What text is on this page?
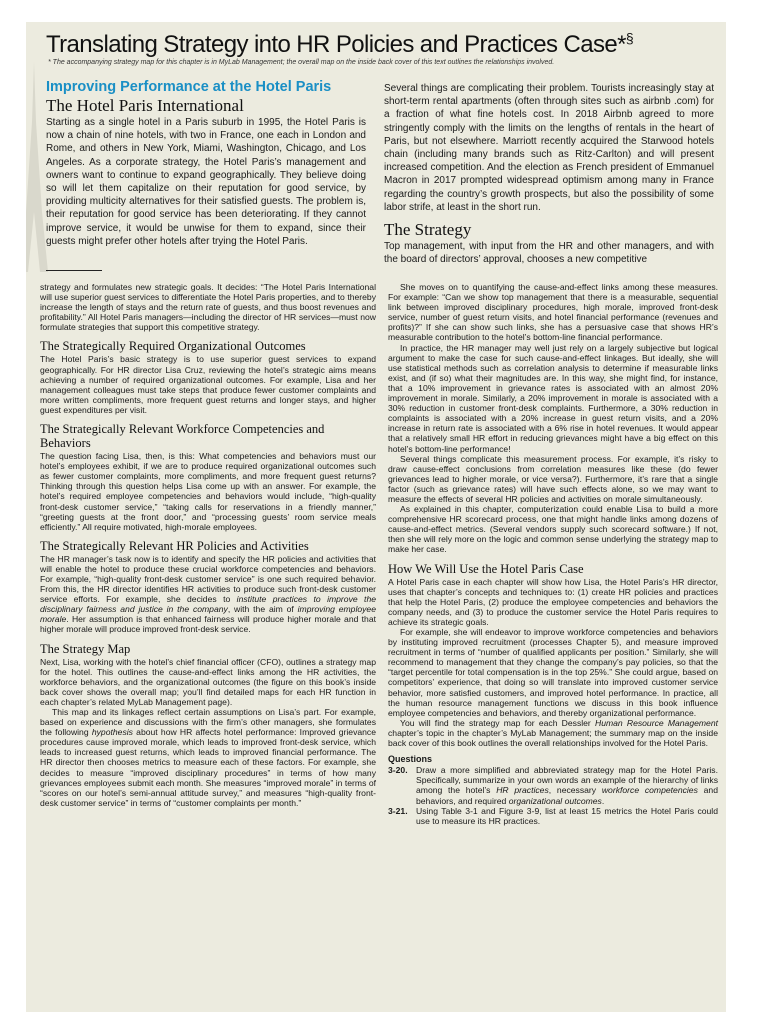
Translating Strategy into HR Policies and Practices Case*§
* The accompanying strategy map for this chapter is in MyLab Management; the overall map on the inside back cover of this text outlines the relationships involved.
Improving Performance at the Hotel Paris
The Hotel Paris International

Starting as a single hotel in a Paris suburb in 1995, the Hotel Paris is now a chain of nine hotels, with two in France, one each in London and Rome, and others in New York, Miami, Washington, Chicago, and Los Angeles. As a corporate strategy, the Hotel Paris’s management and owners want to continue to expand geographically. They believe doing so will let them capitalize on their reputation for good service, by providing multicity alternatives for their satisfied guests. The problem is, their reputation for good service has been deteriorating. If they cannot improve service, it would be unwise for them to expand, since their guests might prefer other hotels after trying the Hotel Paris.

Several things are complicating their problem. Tourists increasingly stay at short-term rental apartments (often through sites such as airbnb .com) for a fraction of what fine hotels cost. In 2018 Airbnb agreed to more stringently comply with the limits on the lengths of rentals in the heart of Paris, but not elsewhere. Marriott recently acquired the Starwood hotels chain (including many brands such as Ritz-Carlton) and will present increased competition. And the election as French president of Emmanuel Macron in 2017 prompted widespread optimism among many in France regarding the country’s growth prospects, but also the possibility of some labor strife, at least in the short run.

The Strategy

Top management, with input from the HR and other managers, and with the board of directors’ approval, chooses a new competitive

strategy and formulates new strategic goals. It decides: “The Hotel Paris International will use superior guest services to differentiate the Hotel Paris properties, and to thereby increase the length of stays and the return rate of guests, and thus boost revenues and profitability.” All Hotel Paris managers—including the director of HR services—must now formulate strategies that support this competitive strategy.

The Strategically Required Organizational Outcomes

The Hotel Paris’s basic strategy is to use superior guest services to expand geographically. For HR director Lisa Cruz, reviewing the hotel’s strategic aims means achieving a number of required organizational outcomes. For example, Lisa and her management colleagues must take steps that produce fewer customer complaints and more written compliments, more frequent guest returns and longer stays, and higher guest expenditures per visit.

The Strategically Relevant Workforce Competencies and Behaviors

The question facing Lisa, then, is this: What competencies and behaviors must our hotel’s employees exhibit, if we are to produce required organizational outcomes such as fewer customer complaints, more compliments, and more frequent guest returns? Thinking through this question helps Lisa come up with an answer. For example, the hotel’s required employee competencies and behaviors would include, “high-quality front-desk customer service,” “taking calls for reservations in a friendly manner,” “greeting guests at the front door,” and “processing guests’ room service meals efficiently.” All require motivated, high-morale employees.

The Strategically Relevant HR Policies and Activities

The HR manager’s task now is to identify and specify the HR policies and activities that will enable the hotel to produce these crucial workforce competencies and behaviors. For example, “high-quality front-desk customer service” is one such required behavior. From this, the HR director identifies HR activities to produce such front-desk customer service efforts. For example, she decides to institute practices to improve the disciplinary fairness and justice in the company, with the aim of improving employee morale. Her assumption is that enhanced fairness will produce higher morale and that higher morale will produce improved front-desk service.

The Strategy Map

Next, Lisa, working with the hotel’s chief financial officer (CFO), outlines a strategy map for the hotel. This outlines the cause-and-effect links among the HR activities, the workforce behaviors, and the organizational outcomes (the figure on this book’s inside back cover shows the overall map; you’ll find detailed maps for each HR function in each chapter’s related MyLab Management page).

This map and its linkages reflect certain assumptions on Lisa’s part. For example, based on experience and discussions with the firm’s other managers, she formulates the following hypothesis about how HR affects hotel performance: Improved grievance procedures cause improved morale, which leads to improved front-desk service, which leads to increased guest returns, which leads to improved financial performance. The HR director then chooses metrics to measure each of these factors. For example, she decides to measure “improved disciplinary procedures” in terms of how many grievances employees submit each month. She measures “improved morale” in terms of “scores on our hotel’s semi-annual attitude survey,” and measures “high-quality front-desk customer service” in terms of “customer complaints per month.”

She moves on to quantifying the cause-and-effect links among these measures. For example: “Can we show top management that there is a measurable, sequential link between improved disciplinary procedures, high morale, improved front-desk service, number of guest return visits, and hotel financial performance (revenues and profits)?” If she can show such links, she has a persuasive case that shows HR’s measurable contribution to the hotel’s bottom-line financial performance.

In practice, the HR manager may well just rely on a largely subjective but logical argument to make the case for such cause-and-effect linkages. But ideally, she will use statistical methods such as correlation analysis to determine if measurable links exist, and (if so) what their magnitudes are. In this way, she might find, for instance, that a 10% improvement in grievance rates is associated with an almost 20% improvement in morale. Similarly, a 20% improvement in morale is associated with a 30% reduction in customer front-desk complaints. Furthermore, a 30% reduction in complaints is associated with a 20% increase in guest return visits, and a 20% increase in return rate is associated with a 6% rise in hotel revenues. It would appear that a relatively small HR effort in reducing grievances might have a big effect on this hotel’s bottom-line performance!

Several things complicate this measurement process. For example, it’s risky to draw cause-effect conclusions from correlation measures like these (do fewer grievances lead to higher morale, or vice versa?). Furthermore, it’s rare that a single factor (such as grievance rates) will have such effects alone, so we may want to measure the effects of several HR policies and activities on morale simultaneously.

As explained in this chapter, computerization could enable Lisa to build a more comprehensive HR scorecard process, one that might handle links among dozens of cause-and-effect metrics. (Several vendors supply such scorecard software.) If not, then she will rely more on the logic and common sense underlying the strategy map to make her case.

How We Will Use the Hotel Paris Case

A Hotel Paris case in each chapter will show how Lisa, the Hotel Paris’s HR director, uses that chapter’s concepts and techniques to: (1) create HR policies and practices that help the Hotel Paris, (2) produce the employee competencies and behaviors the company needs, and (3) to produce the customer service the Hotel Paris requires to achieve its strategic goals.

For example, she will endeavor to improve workforce competencies and behaviors by instituting improved recruitment (processes Chapter 5), and measure improved recruitment in terms of “number of qualified applicants per position.” Similarly, she will recommend to management that they change the company’s pay policies, so that the “target percentile for total compensation is in the top 25%.” She could argue, based on competitors’ experience, that doing so will translate into improved customer service behavior, more satisfied customers, and improved hotel performance. In practice, all the human resource management functions we discuss in this book influence employee competencies and behaviors, and thereby organizational performance.

You will find the strategy map for each Dessler Human Resource Management chapter’s topic in the chapter’s MyLab Management; the summary map on the inside back cover of this book outlines the overall relationships involved for the Hotel Paris.

Questions
3-20. Draw a more simplified and abbreviated strategy map for the Hotel Paris. Specifically, summarize in your own words an example of the hierarchy of links among the hotel’s HR practices, necessary workforce competencies and behaviors, and required organizational outcomes.
3-21. Using Table 3-1 and Figure 3-9, list at least 15 metrics the Hotel Paris could use to measure its HR practices.
